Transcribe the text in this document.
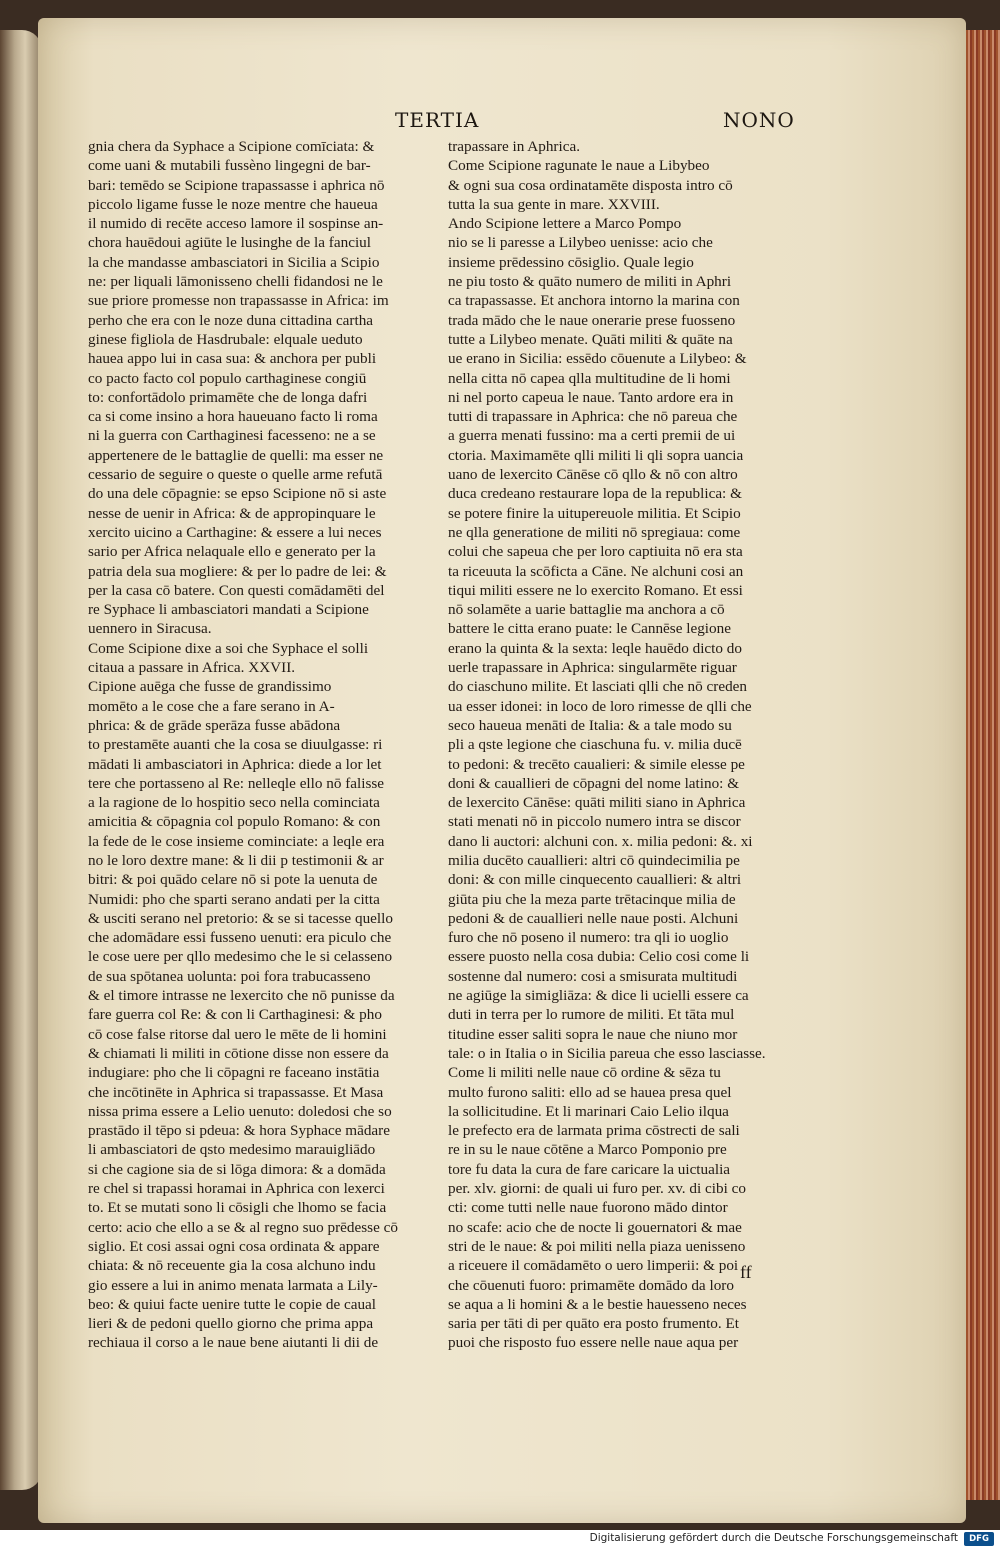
TERTIA	NONO
gnia chera da Syphace a Scipione comīciata: &
come uani & mutabili fussèno lingegni de bar-
bari: temēdo se Scipione trapassasse i aphrica nō
piccolo ligame fusse le noze mentre che haueua
il numido di recēte acceso lamore il sospinse an-
chora hauēdoui agiūte le lusinghe de la fanciul
la che mandasse ambasciatori in Sicilia a Scipio
ne: per liquali lāmonisseno chelli fidandosi ne le
sue priore promesse non trapassasse in Africa: im
perho che era con le noze duna cittadina cartha
ginese figliola de Hasdrubale: elquale ueduto
hauea appo lui in casa sua: & anchora per publi
co pacto facto col populo carthaginese congiū
to: confortādolo primamēte che de longa dafri
ca si come insino a hora haueuano facto li roma
ni la guerra con Carthaginesi facesseno: ne a se
appertenere de le battaglie de quelli: ma esser ne
cessario de seguire o queste o quelle arme refutā
do una dele cōpagnie: se epso Scipione nō si aste
nesse de uenir in Africa: & de appropinquare le
xercito uicino a Carthagine: & essere a lui neces
sario per Africa nelaquale ello e generato per la
patria dela sua mogliere: & per lo padre de lei: &
per la casa cō batere. Con questi comādamēti del
re Syphace li ambasciatori mandati a Scipione
uennero in Siracusa.
Come Scipione dixe a soi che Syphace el solli
citaua a passare in Africa. XXVII.
Cipione auēga che fusse de grandissimo
momēto a le cose che a fare serano in A-
phrica: & de grāde sperāza fusse abādona
to prestamēte auanti che la cosa se diuulgasse: ri
mādati li ambasciatori in Aphrica: diede a lor let
tere che portasseno al Re: nelleqle ello nō falisse
a la ragione de lo hospitio seco nella cominciata
amicitia & cōpagnia col populo Romano: & con
la fede de le cose insieme cominciate: a leqle era
no le loro dextre mane: & li dii p testimonii & ar
bitri: & poi quādo celare nō si pote la uenuta de
Numidi: pho che sparti serano andati per la citta
& usciti serano nel pretorio: & se si tacesse quello
che adomādare essi fusseno uenuti: era piculo che
le cose uere per qllo medesimo che le si celasseno
de sua spōtanea uolunta: poi fora trabucasseno
& el timore intrasse ne lexercito che nō punisse da
fare guerra col Re: & con li Carthaginesi: & pho
cō cose false ritorse dal uero le mēte de li homini
& chiamati li militi in cōtione disse non essere da
indugiare: pho che li cōpagni re faceano instātia
che incōtinēte in Aphrica si trapassasse. Et Masa
nissa prima essere a Lelio uenuto: doledosi che so
prastādo il tēpo si pdeua: & hora Syphace mādare
li ambasciatori de qsto medesimo marauigliādo
si che cagione sia de si lōga dimora: & a domāda
re chel si trapassi horamai in Aphrica con lexerci
to. Et se mutati sono li cōsigli che lhomo se facia
certo: acio che ello a se & al regno suo prēdesse cō
siglio. Et cosi assai ogni cosa ordinata & appare
chiata: & nō receuente gia la cosa alchuno indu
gio essere a lui in animo menata larmata a Lily-
beo: & quiui facte uenire tutte le copie de caual
lieri & de pedoni quello giorno che prima appa
rechiaua il corso a le naue bene aiutanti li dii de
trapassare in Aphrica.
Come Scipione ragunate le naue a Libybeo
& ogni sua cosa ordinatamēte disposta intro cō
tutta la sua gente in mare. XXVIII.
Ando Scipione lettere a Marco Pompo
nio se li paresse a Lilybeo uenisse: acio che
insieme prēdessino cōsiglio. Quale legio
ne piu tosto & quāto numero de militi in Aphri
ca trapassasse. Et anchora intorno la marina con
trada mādo che le naue onerarie prese fuosseno
tutte a Lilybeo menate. Quāti militi & quāte na
ue erano in Sicilia: essēdo cōuenute a Lilybeo: &
nella citta nō capea qlla multitudine de li homi
ni nel porto capeua le naue. Tanto ardore era in
tutti di trapassare in Aphrica: che nō pareua che
a guerra menati fussino: ma a certi premii de ui
ctoria. Maximamēte qlli militi li qli sopra uancia
uano de lexercito Cānēse cō qllo & nō con altro
duca credeano restaurare lopa de la republica: &
se potere finire la uitupereuole militia. Et Scipio
ne qlla generatione de militi nō spregiaua: come
colui che sapeua che per loro captiuita nō era sta
ta riceuuta la scōficta a Cāne. Ne alchuni cosi an
tiqui militi essere ne lo exercito Romano. Et essi
nō solamēte a uarie battaglie ma anchora a cō
battere le citta erano puate: le Cannēse legione
erano la quinta & la sexta: leqle hauēdo dicto do
uerle trapassare in Aphrica: singularmēte riguar
do ciaschuno milite. Et lasciati qlli che nō creden
ua esser idonei: in loco de loro rimesse de qlli che
seco haueua menāti de Italia: & a tale modo su
pli a qste legione che ciaschuna fu. v. milia ducē
to pedoni: & trecēto caualieri: & simile elesse pe
doni & cauallieri de cōpagni del nome latino: &
de lexercito Cānēse: quāti militi siano in Aphrica
stati menati nō in piccolo numero intra se discor
dano li auctori: alchuni con. x. milia pedoni: &. xi
milia ducēto cauallieri: altri cō quindecimilia pe
doni: & con mille cinquecento cauallieri: & altri
giūta piu che la meza parte trētacinque milia de
pedoni & de cauallieri nelle naue posti. Alchuni
furo che nō poseno il numero: tra qli io uoglio
essere puosto nella cosa dubia: Celio cosi come li
sostenne dal numero: cosi a smisurata multitudi
ne agiūge la simigliāza: & dice li ucielli essere ca
duti in terra per lo rumore de militi. Et tāta mul
titudine esser saliti sopra le naue che niuno mor
tale: o in Italia o in Sicilia pareua che esso lasciasse.
Come li militi nelle naue cō ordine & sēza tu
multo furono saliti: ello ad se hauea presa quel
la sollicitudine. Et li marinari Caio Lelio ilqua
le prefecto era de larmata prima cōstrecti de sali
re in su le naue cōtēne a Marco Pomponio pre
tore fu data la cura de fare caricare la uictualia
per. xlv. giorni: de quali ui furo per. xv. di cibi co
cti: come tutti nelle naue fuorono mādo dintor
no scafe: acio che de nocte li gouernatori & mae
stri de le naue: & poi militi nella piaza uenisseno
a riceuere il comādamēto o uero limperii: & poi
che cōuenuti fuoro: primamēte domādo da loro
se aqua a li homini & a le bestie hauesseno neces
saria per tāti di per quāto era posto frumento. Et
puoi che risposto fuo essere nelle naue aqua per
ff
Digitalisierung gefördert durch die Deutsche Forschungsgemeinschaft	DFG
